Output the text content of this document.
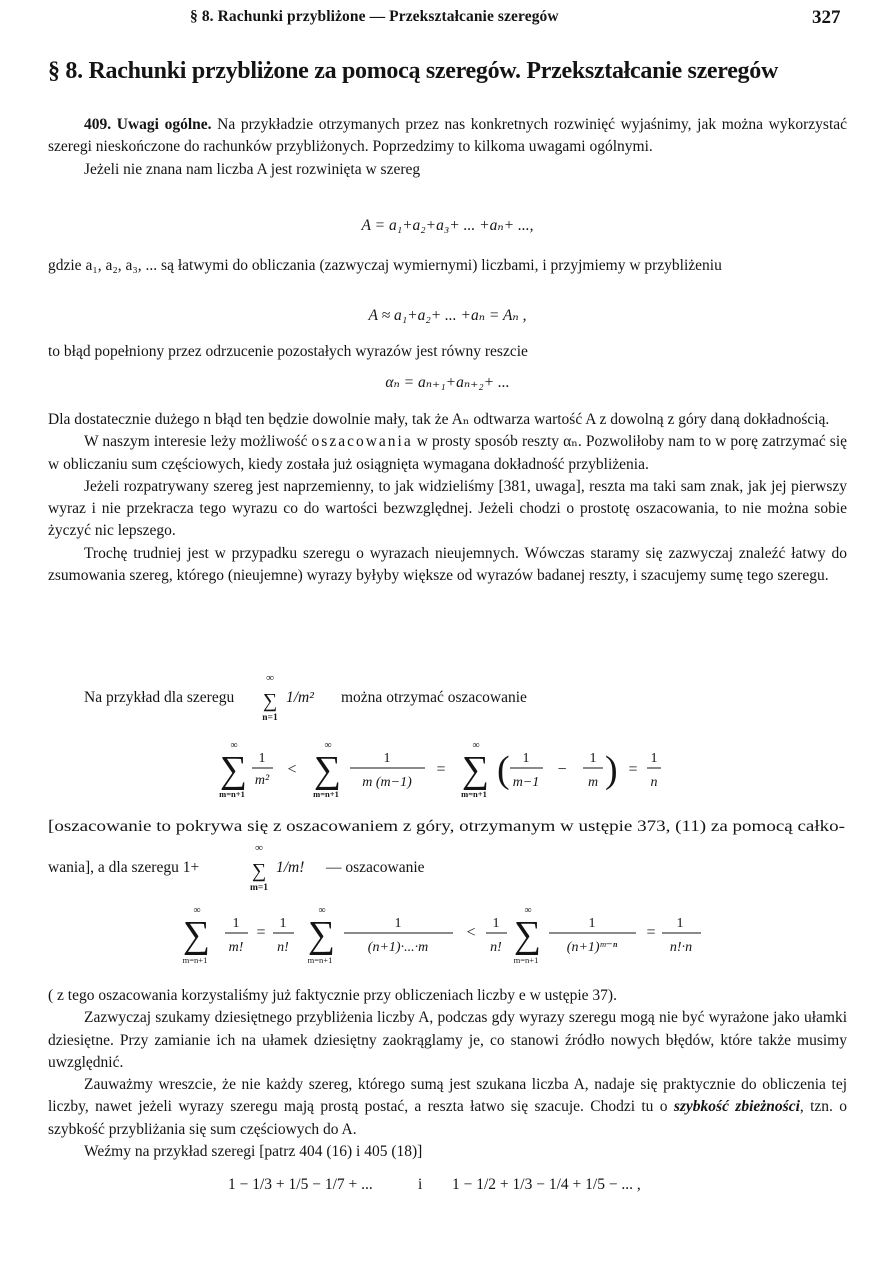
§ 8. Rachunki przybliżone — Przekształcanie szeregów	327
§ 8. Rachunki przybliżone za pomocą szeregów. Przekształcanie szeregów

409. Uwagi ogólne. Na przykładzie otrzymanych przez nas konkretnych rozwinięć wyjaśnimy, jak można wykorzystać szeregi nieskończone do rachunków przybliżonych. Poprzedzimy to kilkoma uwagami ogólnymi.

Jeżeli nie znana nam liczba A jest rozwinięta w szereg

A = a₁+a₂+a₃+ ... +aₙ+ ...,
gdzie a₁, a₂, a₃, ... są łatwymi do obliczania (zazwyczaj wymiernymi) liczbami, i przyjmiemy w przybliżeniu
A ≈ a₁+a₂+ ... +aₙ = Aₙ ,
to błąd popełniony przez odrzucenie pozostałych wyrazów jest równy reszcie
αₙ = aₙ₊₁+aₙ₊₂+ ...

Dla dostatecznie dużego n błąd ten będzie dowolnie mały, tak że Aₙ odtwarza wartość A z dowolną z góry daną dokładnością.

W naszym interesie leży możliwość oszacowania w prosty sposób reszty αₙ. Pozwoliłoby nam to w porę zatrzymać się w obliczaniu sum częściowych, kiedy została już osiągnięta wymagana dokładność przybliżenia.

Jeżeli rozpatrywany szereg jest naprzemienny, to jak widzieliśmy [381, uwaga], reszta ma taki sam znak, jak jej pierwszy wyraz i nie przekracza tego wyrazu co do wartości bezwzględnej. Jeżeli chodzi o prostotę oszacowania, to nie można sobie życzyć nic lepszego.

Trochę trudniej jest w przypadku szeregu o wyrazach nieujemnych. Wówczas staramy się zazwyczaj znaleźć łatwy do zsumowania szereg, którego (nieujemne) wyrazy byłyby większe od wyrazów badanej reszty, i szacujemy sumę tego szeregu.

Na przykład dla szeregu
∞
∑
n=1
1/m² można otrzymać oszacowanie
∞
∑
m=n+1
1
m²
<
∞
∑
m=n+1
1
m (m−1)
=
∞
∑
m=n+1
( 1
m−1
−
1
m ) =
1
n
[oszacowanie to pokrywa się z oszacowaniem z góry, otrzymanym w ustępie 373, (11) za pomocą całko-
wania], a dla szeregu 1+
∞
∑
m=1
1/m! — oszacowanie
∞
∑
m=n+1
1
m!
=
1
n!
∞
∑
m=n+1
1
(n+1)·...·m
<
1
n!
∞
∑
m=n+1
1
(n+1)ᵐ⁻ⁿ
=
1
n!·n

( z tego oszacowania korzystaliśmy już faktycznie przy obliczeniach liczby e w ustępie 37).

Zazwyczaj szukamy dziesiętnego przybliżenia liczby A, podczas gdy wyrazy szeregu mogą nie być wyrażone jako ułamki dziesiętne. Przy zamianie ich na ułamek dziesiętny zaokrąglamy je, co stanowi źródło nowych błędów, które także musimy uwzględnić.

Zauważmy wreszcie, że nie każdy szereg, którego sumą jest szukana liczba A, nadaje się praktycznie do obliczenia tej liczby, nawet jeżeli wyrazy szeregu mają prostą postać, a reszta łatwo się szacuje. Chodzi tu o szybkość zbieżności, tzn. o szybkość przybliżania się sum częściowych do A.

Weźmy na przykład szeregi [patrz 404 (16) i 405 (18)]

1 − 1/3 + 1/5 − 1/7 + ...	i 1 − 1/2 + 1/3 − 1/4 + 1/5 − ... ,
